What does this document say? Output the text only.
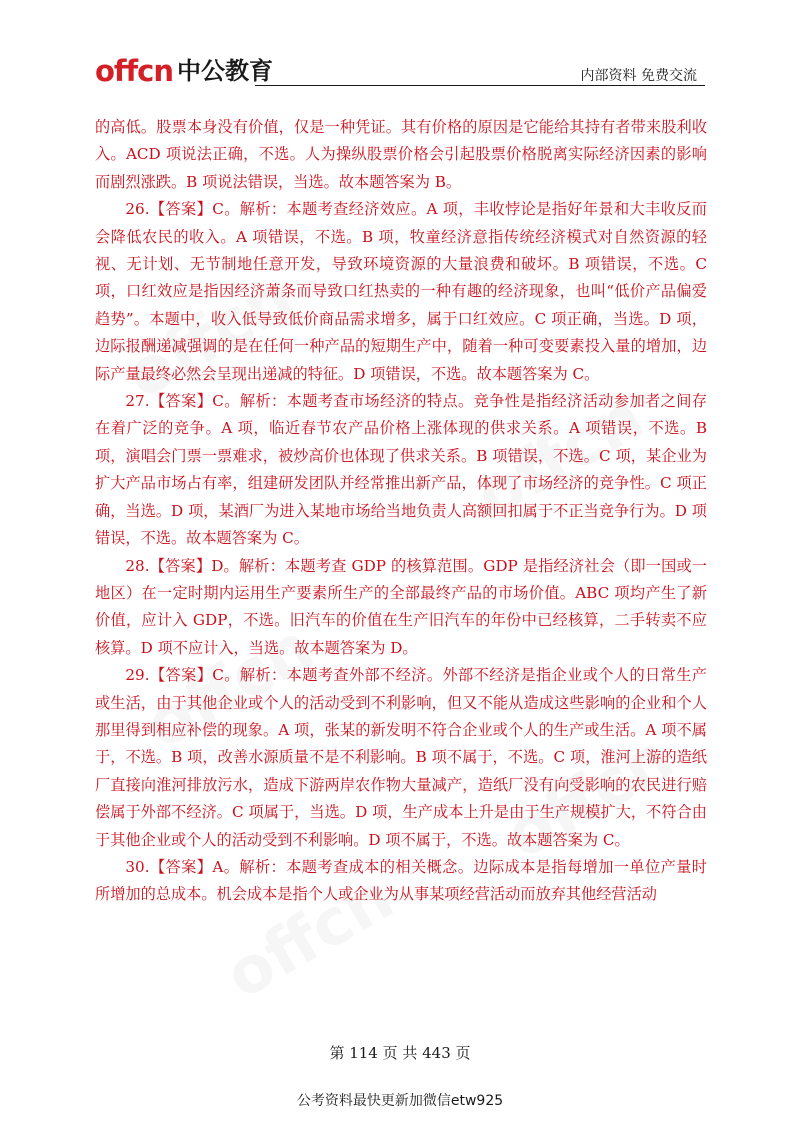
offcn 中公教育	内部资料 免费交流

的高低。股票本身没有价值，仅是一种凭证。其有价格的原因是它能给其持有者带来股利收入。ACD 项说法正确，不选。人为操纵股票价格会引起股票价格脱离实际经济因素的影响而剧烈涨跌。B 项说法错误，当选。故本题答案为 B。

26.【答案】C。解析：本题考查经济效应。A 项，丰收悖论是指好年景和大丰收反而会降低农民的收入。A 项错误，不选。B 项，牧童经济意指传统经济模式对自然资源的轻视、无计划、无节制地任意开发，导致环境资源的大量浪费和破坏。B 项错误，不选。C 项，口红效应是指因经济萧条而导致口红热卖的一种有趣的经济现象，也叫“低价产品偏爱趋势”。本题中，收入低导致低价商品需求增多，属于口红效应。C 项正确，当选。D 项，边际报酬递减强调的是在任何一种产品的短期生产中，随着一种可变要素投入量的增加，边际产量最终必然会呈现出递减的特征。D 项错误，不选。故本题答案为 C。

27.【答案】C。解析：本题考查市场经济的特点。竞争性是指经济活动参加者之间存在着广泛的竞争。A 项，临近春节农产品价格上涨体现的供求关系。A 项错误，不选。B 项，演唱会门票一票难求，被炒高价也体现了供求关系。B 项错误，不选。C 项，某企业为扩大产品市场占有率，组建研发团队并经常推出新产品，体现了市场经济的竞争性。C 项正确，当选。D 项，某酒厂为进入某地市场给当地负责人高额回扣属于不正当竞争行为。D 项错误，不选。故本题答案为 C。

28.【答案】D。解析：本题考查 GDP 的核算范围。GDP 是指经济社会（即一国或一地区）在一定时期内运用生产要素所生产的全部最终产品的市场价值。ABC 项均产生了新价值，应计入 GDP，不选。旧汽车的价值在生产旧汽车的年份中已经核算，二手转卖不应核算。D 项不应计入，当选。故本题答案为 D。

29.【答案】C。解析：本题考查外部不经济。外部不经济是指企业或个人的日常生产或生活，由于其他企业或个人的活动受到不利影响，但又不能从造成这些影响的企业和个人那里得到相应补偿的现象。A 项，张某的新发明不符合企业或个人的生产或生活。A 项不属于，不选。B 项，改善水源质量不是不利影响。B 项不属于，不选。C 项，淮河上游的造纸厂直接向淮河排放污水，造成下游两岸农作物大量减产，造纸厂没有向受影响的农民进行赔偿属于外部不经济。C 项属于，当选。D 项，生产成本上升是由于生产规模扩大，不符合由于其他企业或个人的活动受到不利影响。D 项不属于，不选。故本题答案为 C。

30.【答案】A。解析：本题考查成本的相关概念。边际成本是指每增加一单位产量时所增加的总成本。机会成本是指个人或企业为从事某项经营活动而放弃其他经营活动

第 114 页 共 443 页
公考资料最快更新加微信etw925
